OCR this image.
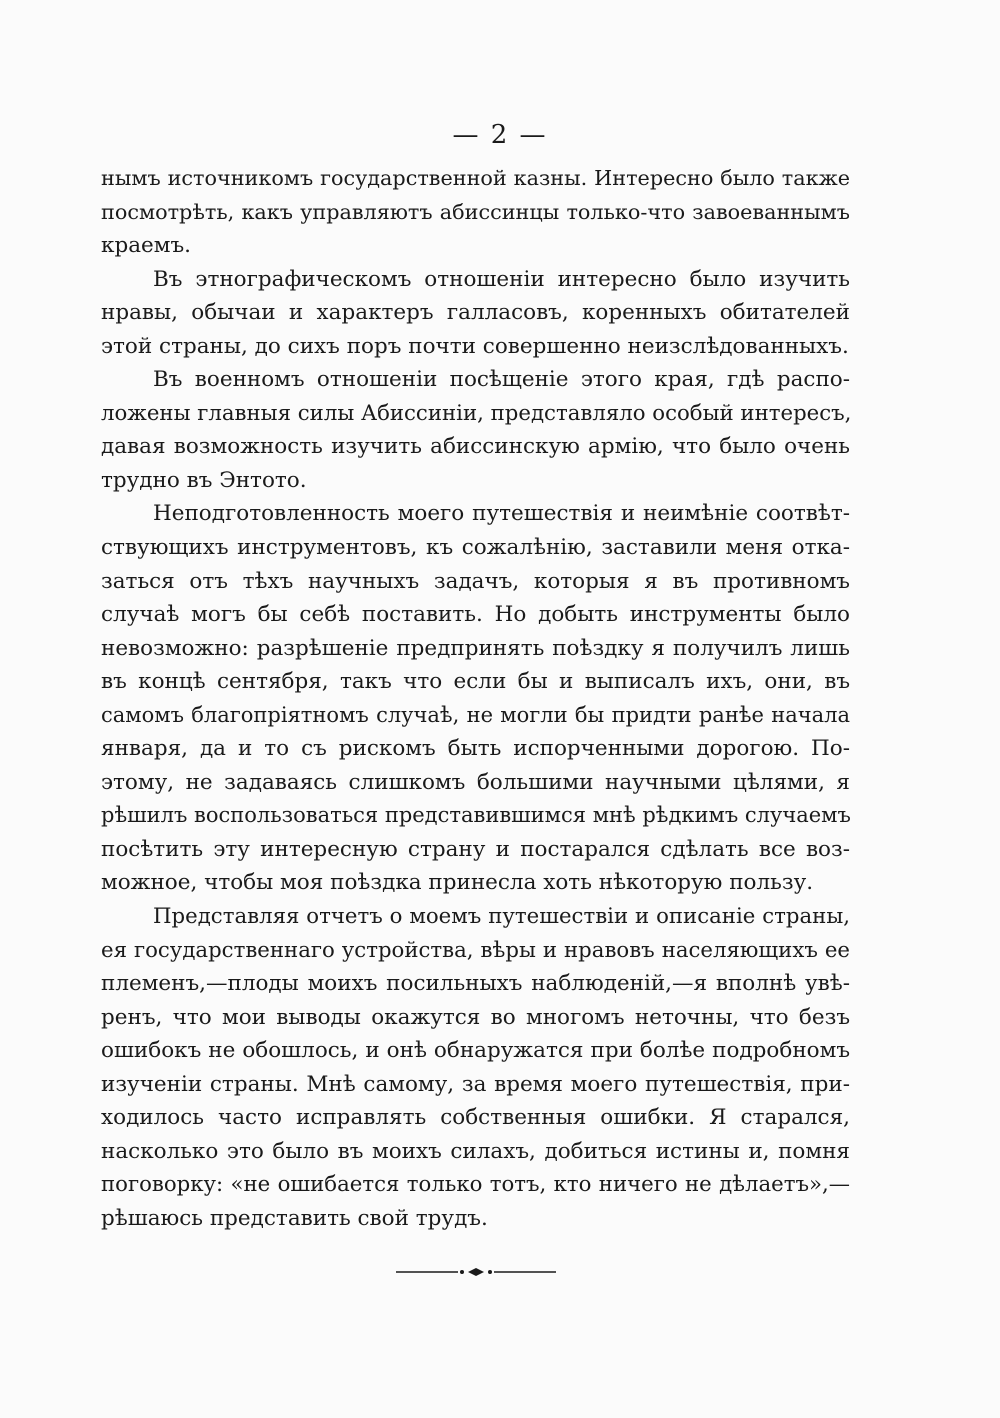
— 2 —
нымъ источникомъ государственной казны. Интересно было также
посмотрѣть, какъ управляютъ абиссинцы только-что завоеваннымъ
краемъ.
Въ этнографическомъ отношеніи интересно было изучить
нравы, обычаи и характеръ галласовъ, коренныхъ обитателей
этой страны, до сихъ поръ почти совершенно неизслѣдованныхъ.
Въ военномъ отношеніи посѣщеніе этого края, гдѣ распо-
ложены главныя силы Абиссиніи, представляло особый интересъ,
давая возможность изучить абиссинскую армію, что было очень
трудно въ Энтото.
Неподготовленность моего путешествія и неимѣніе соотвѣт-
ствующихъ инструментовъ, къ сожалѣнію, заставили меня отка-
заться отъ тѣхъ научныхъ задачъ, которыя я въ противномъ
случаѣ могъ бы себѣ поставить. Но добыть инструменты было
невозможно: разрѣшеніе предпринять поѣздку я получилъ лишь
въ концѣ сентября, такъ что если бы и выписалъ ихъ, они, въ
самомъ благопріятномъ случаѣ, не могли бы придти ранѣе начала
января, да и то съ рискомъ быть испорченными дорогою. По-
этому, не задаваясь слишкомъ большими научными цѣлями, я
рѣшилъ воспользоваться представившимся мнѣ рѣдкимъ случаемъ
посѣтить эту интересную страну и постарался сдѣлать все воз-
можное, чтобы моя поѣздка принесла хоть нѣкоторую пользу.
Представляя отчетъ о моемъ путешествіи и описаніе страны,
ея государственнаго устройства, вѣры и нравовъ населяющихъ ее
племенъ,—плоды моихъ посильныхъ наблюденій,—я вполнѣ увѣ-
ренъ, что мои выводы окажутся во многомъ неточны, что безъ
ошибокъ не обошлось, и онѣ обнаружатся при болѣе подробномъ
изученіи страны. Мнѣ самому, за время моего путешествія, при-
ходилось часто исправлять собственныя ошибки. Я старался,
насколько это было въ моихъ силахъ, добиться истины и, помня
поговорку: «не ошибается только тотъ, кто ничего не дѣлаетъ»,—
рѣшаюсь представить свой трудъ.
